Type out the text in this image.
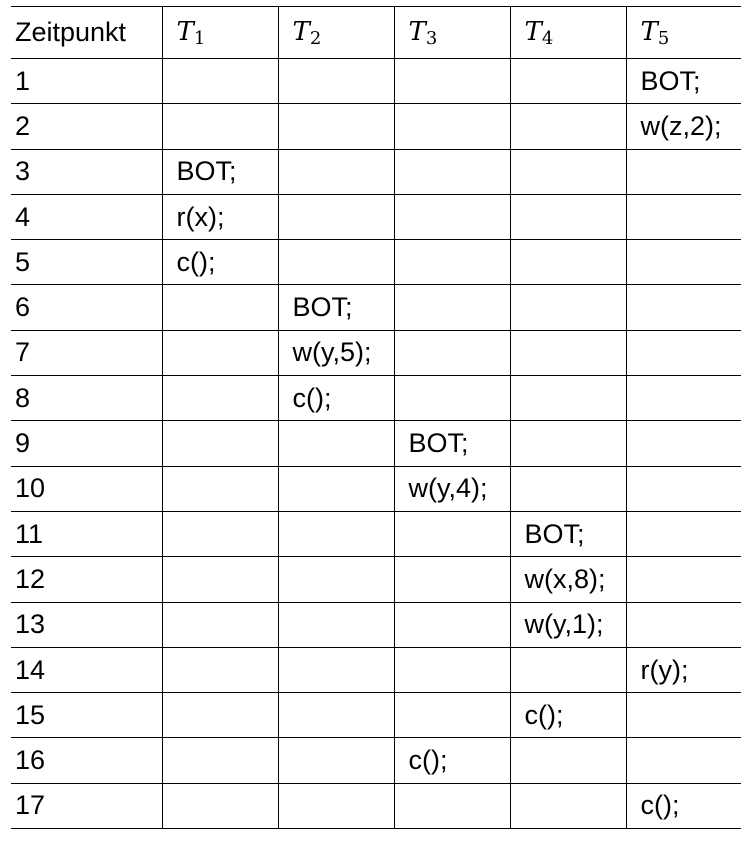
Zeitpunkt	$T_1$	$T_2$	$T_3$	$T_4$	$T_5$
1					BOT;
2					w(z,2);
3	BOT;				
4	r(x);				
5	c();				
6		BOT;			
7		w(y,5);			
8		c();			
9			BOT;		
10			w(y,4);		
11				BOT;	
12				w(x,8);	
13				w(y,1);	
14					r(y);
15				c();	
16			c();		
17					c();
